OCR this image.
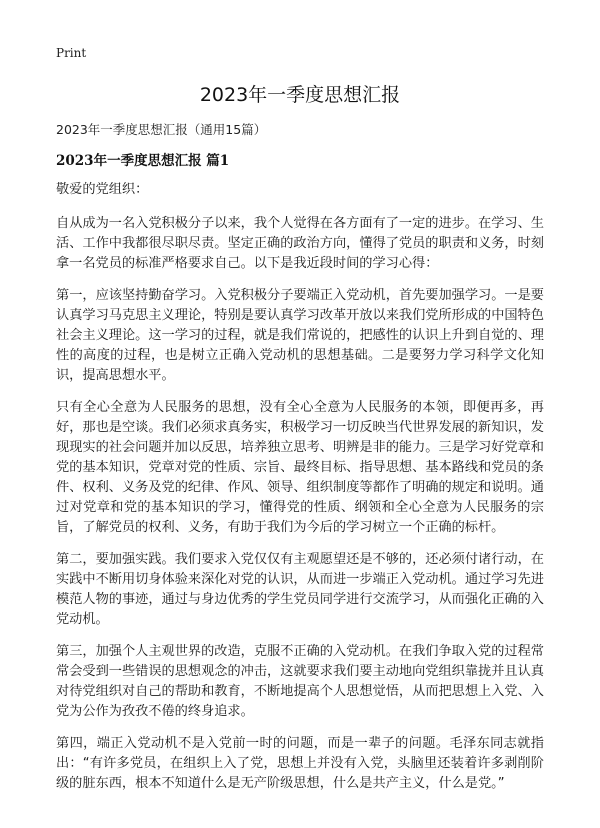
Print
2023年一季度思想汇报
2023年一季度思想汇报（通用15篇）
2023年一季度思想汇报 篇1

敬爱的党组织：

自从成为一名入党积极分子以来，我个人觉得在各方面有了一定的进步。在学习、生活、工作中我都很尽职尽责。坚定正确的政治方向，懂得了党员的职责和义务，时刻拿一名党员的标准严格要求自己。以下是我近段时间的学习心得：

第一，应该坚持勤奋学习。入党积极分子要端正入党动机，首先要加强学习。一是要认真学习马克思主义理论，特别是要认真学习改革开放以来我们党所形成的中国特色社会主义理论。这一学习的过程，就是我们常说的，把感性的认识上升到自觉的、理性的高度的过程，也是树立正确入党动机的思想基础。二是要努力学习科学文化知识，提高思想水平。

只有全心全意为人民服务的思想，没有全心全意为人民服务的本领，即便再多，再好，那也是空谈。我们必须求真务实，积极学习一切反映当代世界发展的新知识，发现现实的社会问题并加以反思，培养独立思考、明辨是非的能力。三是学习好党章和党的基本知识，党章对党的性质、宗旨、最终目标、指导思想、基本路线和党员的条件、权利、义务及党的纪律、作风、领导、组织制度等都作了明确的规定和说明。通过对党章和党的基本知识的学习，懂得党的性质、纲领和全心全意为人民服务的宗旨，了解党员的权利、义务，有助于我们为今后的学习树立一个正确的标杆。

第二，要加强实践。我们要求入党仅仅有主观愿望还是不够的，还必须付诸行动，在实践中不断用切身体验来深化对党的认识，从而进一步端正入党动机。通过学习先进模范人物的事迹，通过与身边优秀的学生党员同学进行交流学习，从而强化正确的入党动机。

第三，加强个人主观世界的改造，克服不正确的入党动机。在我们争取入党的过程常常会受到一些错误的思想观念的冲击，这就要求我们要主动地向党组织靠拢并且认真对待党组织对自己的帮助和教育，不断地提高个人思想觉悟，从而把思想上入党、入党为公作为孜孜不倦的终身追求。

第四，端正入党动机不是入党前一时的问题，而是一辈子的问题。毛泽东同志就指出：“有许多党员，在组织上入了党，思想上并没有入党，头脑里还装着许多剥削阶级的脏东西，根本不知道什么是无产阶级思想，什么是共产主义，什么是党。”
